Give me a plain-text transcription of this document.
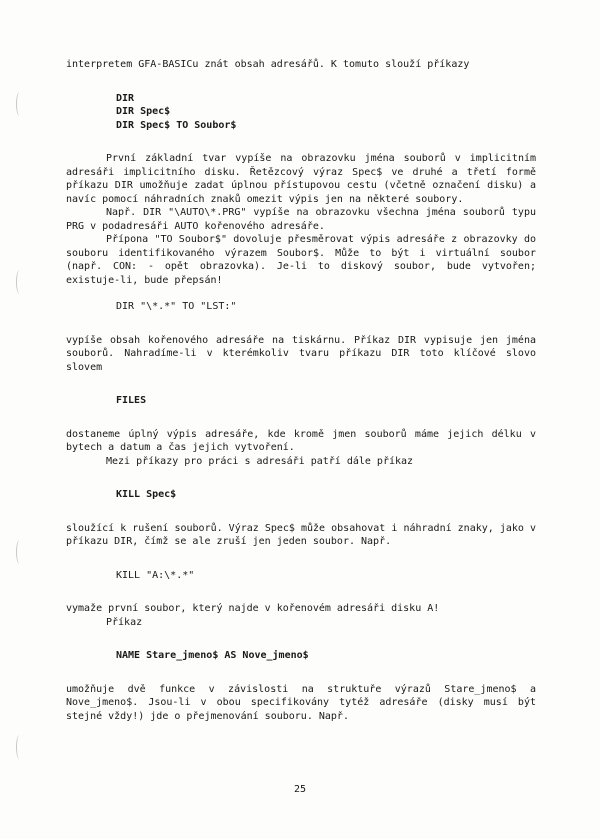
interpretem GFA-BASICu znát obsah adresářů. K tomuto slouží příkazy

DIR
DIR Spec$
DIR Spec$ TO Soubor$

První základní tvar vypíše na obrazovku jména souborů v implicitním adresáři implicitního disku. Řetězcový výraz Spec$ ve druhé a třetí formě příkazu DIR umožňuje zadat úplnou přístupovou cestu (včetně označení disku) a navíc pomocí náhradních znaků omezit výpis jen na některé soubory.

Např. DIR "\AUTO\*.PRG" vypíše na obrazovku všechna jména souborů typu PRG v podadresáři AUTO kořenového adresáře.

Přípona "TO Soubor$" dovoluje přesměrovat výpis adresáře z obrazovky do souboru identifikovaného výrazem Soubor$. Může to být i virtuální soubor (např. CON: - opět obrazovka). Je-li to diskový soubor, bude vytvořen; existuje-li, bude přepsán!

DIR "\*.*" TO "LST:"

vypíše obsah kořenového adresáře na tiskárnu. Příkaz DIR vypisuje jen jména souborů. Nahradíme-li v kterémkoliv tvaru příkazu DIR toto klíčové slovo slovem

FILES

dostaneme úplný výpis adresáře, kde kromě jmen souborů máme jejich délku v bytech a datum a čas jejich vytvoření.

Mezi příkazy pro práci s adresáři patří dále příkaz

KILL Spec$

sloužící k rušení souborů. Výraz Spec$ může obsahovat i náhradní znaky, jako v příkazu DIR, čímž se ale zruší jen jeden soubor. Např.

KILL "A:\*.*"

vymaže první soubor, který najde v kořenovém adresáři disku A!

Příkaz

NAME Stare_jmeno$ AS Nove_jmeno$

umožňuje dvě funkce v závislosti na struktuře výrazů Stare_jmeno$ a Nove_jmeno$. Jsou-li v obou specifikovány tytéž adresáře (disky musí být stejné vždy!) jde o přejmenování souboru. Např.

25
